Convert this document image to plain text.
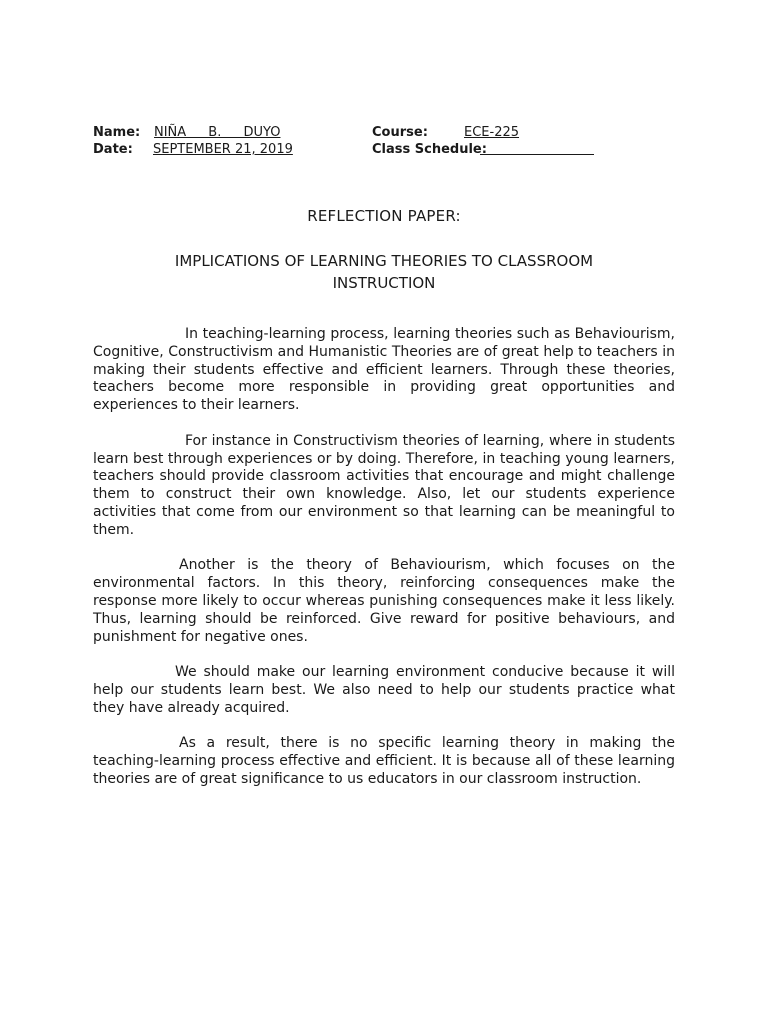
Name: NIÑA B. DUYO
Date: SEPTEMBER 21, 2019
Course:	ECE-225
Class Schedule:
REFLECTION PAPER:
IMPLICATIONS OF LEARNING THEORIES TO CLASSROOM INSTRUCTION

In teaching-learning process, learning theories such as Behaviourism, Cognitive, Constructivism and Humanistic Theories are of great help to teachers in making their students effective and efficient learners. Through these theories, teachers become more responsible in providing great opportunities and experiences to their learners.

For instance in Constructivism theories of learning, where in students learn best through experiences or by doing. Therefore, in teaching young learners, teachers should provide classroom activities that encourage and might challenge them to construct their own knowledge. Also, let our students experience activities that come from our environment so that learning can be meaningful to them.

Another is the theory of Behaviourism, which focuses on the environmental factors. In this theory, reinforcing consequences make the response more likely to occur whereas punishing consequences make it less likely. Thus, learning should be reinforced. Give reward for positive behaviours, and punishment for negative ones.

We should make our learning environment conducive because it will help our students learn best. We also need to help our students practice what they have already acquired.

As a result, there is no specific learning theory in making the teaching-learning process effective and efficient. It is because all of these learning theories are of great significance to us educators in our classroom instruction.
